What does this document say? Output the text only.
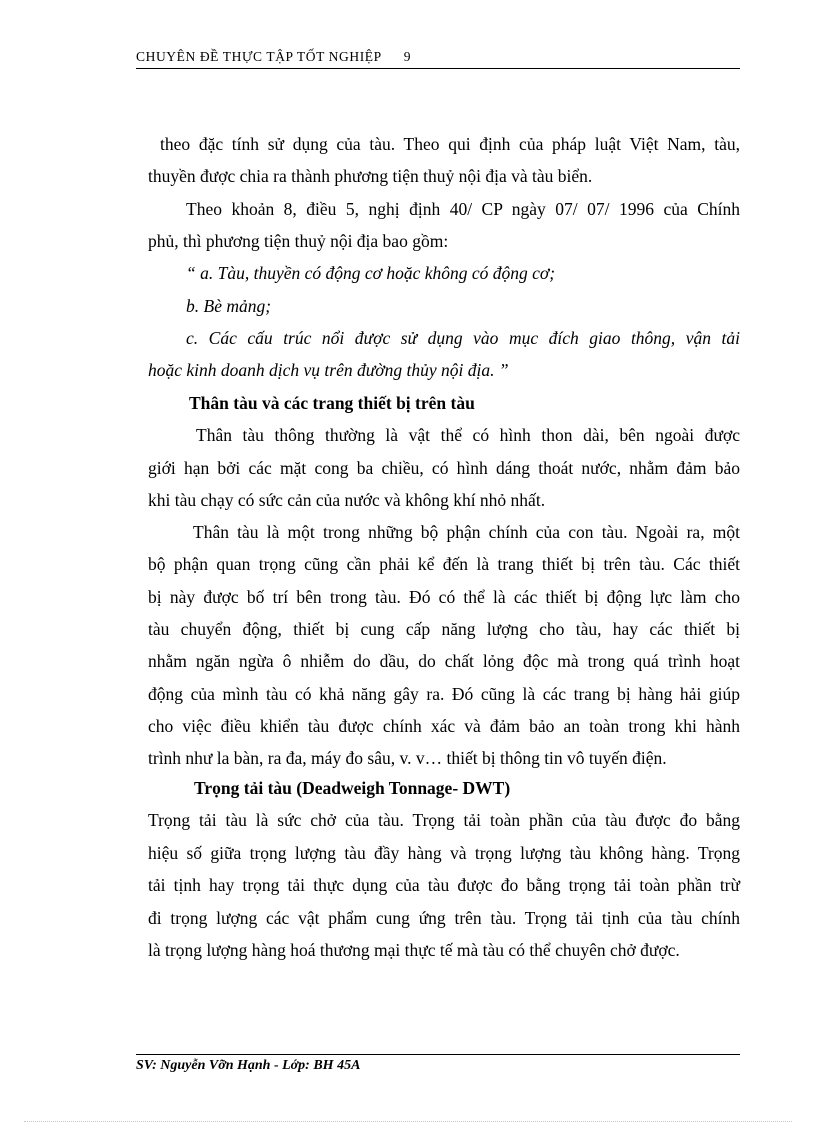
CHUYÊN ĐỀ THỰC TẬP TỐT NGHIỆP 9
theo đặc tính sử dụng của tàu. Theo qui định của pháp luật Việt Nam, tàu,
thuyền được chia ra thành phương tiện thuỷ nội địa và tàu biển.
Theo khoản 8, điều 5, nghị định 40/ CP ngày 07/ 07/ 1996 của Chính
phủ, thì phương tiện thuỷ nội địa bao gồm:
“ a. Tàu, thuyền có động cơ hoặc không có động cơ;
b. Bè mảng;
c. Các cấu trúc nổi được sử dụng vào mục đích giao thông, vận tải
hoặc kinh doanh dịch vụ trên đường thủy nội địa. ”
Thân tàu và các trang thiết bị trên tàu
Thân tàu thông thường là vật thể có hình thon dài, bên ngoài được
giới hạn bởi các mặt cong ba chiều, có hình dáng thoát nước, nhằm đảm bảo
khi tàu chạy có sức cản của nước và không khí nhỏ nhất.
Thân tàu là một trong những bộ phận chính của con tàu. Ngoài ra, một
bộ phận quan trọng cũng cần phải kể đến là trang thiết bị trên tàu. Các thiết
bị này được bố trí bên trong tàu. Đó có thể là các thiết bị động lực làm cho
tàu chuyển động, thiết bị cung cấp năng lượng cho tàu, hay các thiết bị
nhằm ngăn ngừa ô nhiễm do dầu, do chất lỏng độc mà trong quá trình hoạt
động của mình tàu có khả năng gây ra. Đó cũng là các trang bị hàng hải giúp
cho việc điều khiển tàu được chính xác và đảm bảo an toàn trong khi hành
trình như la bàn, ra đa, máy đo sâu, v. v… thiết bị thông tin vô tuyến điện.
Trọng tải tàu (Deadweigh Tonnage- DWT)
Trọng tải tàu là sức chở của tàu. Trọng tải toàn phần của tàu được đo bằng
hiệu số giữa trọng lượng tàu đầy hàng và trọng lượng tàu không hàng. Trọng
tải tịnh hay trọng tải thực dụng của tàu được đo bằng trọng tải toàn phần trừ
đi trọng lượng các vật phẩm cung ứng trên tàu. Trọng tải tịnh của tàu chính
là trọng lượng hàng hoá thương mại thực tế mà tàu có thể chuyên chở được.
SV: Nguyễn Vỡn Hạnh - Lớp: BH 45A
